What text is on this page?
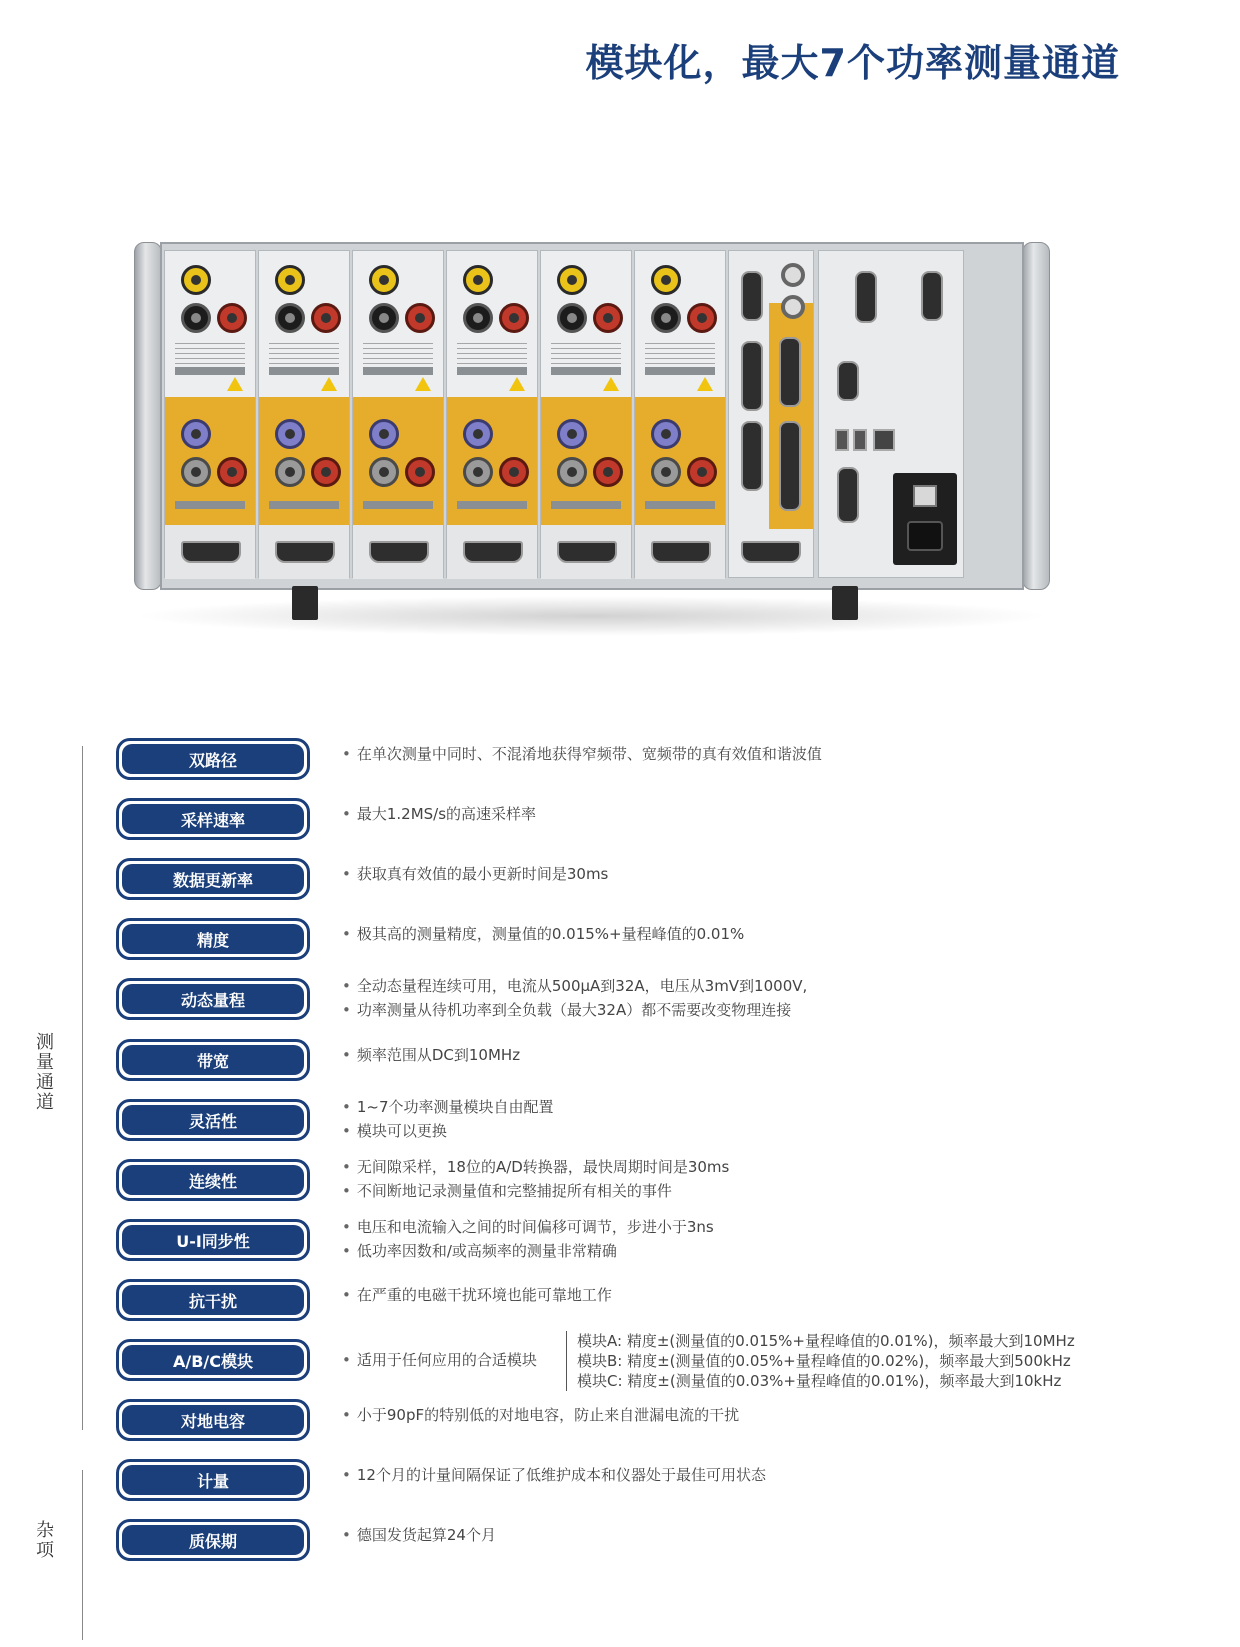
模块化，最大7个功率测量通道
测量通道
杂项
双路径	• 在单次测量中同时、不混淆地获得窄频带、宽频带的真有效值和谐波值
采样速率	• 最大1.2MS/s的高速采样率
数据更新率	• 获取真有效值的最小更新时间是30ms
精度	• 极其高的测量精度，测量值的0.015%+量程峰值的0.01%
动态量程
• 全动态量程连续可用，电流从500μA到32A，电压从3mV到1000V,
• 功率测量从待机功率到全负载（最大32A）都不需要改变物理连接
带宽	• 频率范围从DC到10MHz
灵活性
• 1~7个功率测量模块自由配置
• 模块可以更换
连续性
• 无间隙采样，18位的A/D转换器，最快周期时间是30ms
• 不间断地记录测量值和完整捕捉所有相关的事件
U-I同步性
• 电压和电流输入之间的时间偏移可调节，步进小于3ns
• 低功率因数和/或高频率的测量非常精确
抗干扰	• 在严重的电磁干扰环境也能可靠地工作
A/B/C模块	• 适用于任何应用的合适模块
模块A: 精度±(测量值的0.015%+量程峰值的0.01%)，频率最大到10MHz
模块B: 精度±(测量值的0.05%+量程峰值的0.02%)，频率最大到500kHz
模块C: 精度±(测量值的0.03%+量程峰值的0.01%)，频率最大到10kHz
对地电容	• 小于90pF的特别低的对地电容，防止来自泄漏电流的干扰
计量	• 12个月的计量间隔保证了低维护成本和仪器处于最佳可用状态
质保期	• 德国发货起算24个月
